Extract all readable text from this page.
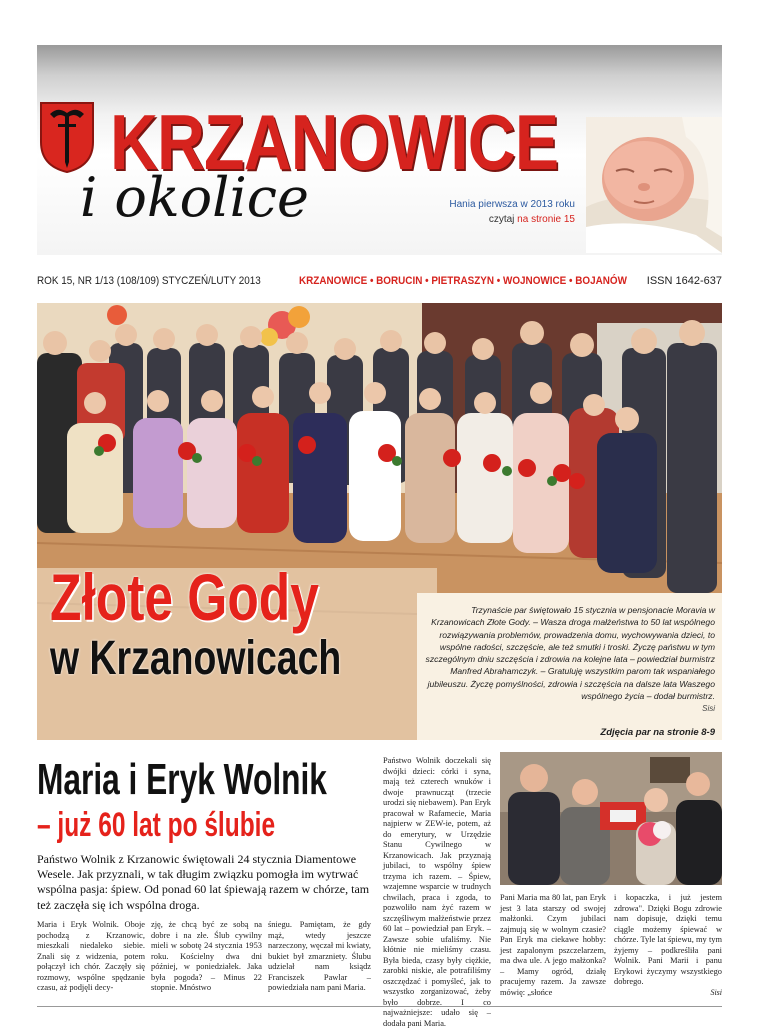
KRZANOWICE
i okolice	Hania pierwsza w 2013 roku
czytaj na stronie 15
ROK 15, NR 1/13 (108/109) STYCZEŃ/LUTY 2013	KRZANOWICE • BORUCIN • PIETRASZYN • WOJNOWICE • BOJANÓW ISSN 1642-637
Złote Gody
w Krzanowicach
Trzynaście par świętowało 15 stycznia w pensjonacie Moravia w Krzanowicach Złote Gody. – Wasza droga małżeństwa to 50 lat wspólnego rozwiązywania problemów, prowadzenia domu, wychowywania dzieci, to wspólne radości, szczęście, ale też smutki i troski. Życzę państwu w tym szczególnym dniu szczęścia i zdrowia na kolejne lata – powiedział burmistrz Manfred Abrahamczyk. – Gratuluję wszystkim parom tak wspaniałego jubileuszu. Życzę pomyślności, zdrowia i szczęścia na dalsze lata Waszego wspólnego życia – dodał burmistrz.
Sisi
Zdjęcia par na stronie 8-9
Maria i Eryk Wolnik
– już 60 lat po ślubie
Państwo Wolnik z Krzanowic świętowali 24 stycznia Diamentowe Wesele. Jak przyznali, w tak długim związku pomogła im wytrwać wspólna pasja: śpiew. Od ponad 60 lat śpiewają razem w chórze, tam też zaczęła się ich wspólna droga.
Maria i Eryk Wolnik. Oboje pochodzą z Krzanowic, mieszkali niedaleko siebie. Znali się z widzenia, potem połączył ich chór. Zaczęły się rozmowy, wspólne spędzanie czasu, aż podjęli decy-
zję, że chcą być ze sobą na dobre i na złe. Ślub cywilny mieli w sobotę 24 stycznia 1953 roku. Kościelny dwa dni później, w poniedziałek. Jaka była pogoda? – Minus 22 stopnie. Mnóstwo
śniegu. Pamiętam, że gdy mąż, wtedy jeszcze narzeczony, węczał mi kwiaty, bukiet był zmarzniety. Ślubu udzielał nam ksiądz Franciszek Pawlar – powiedziała nam pani Maria.
Państwo Wolnik doczekali się dwójki dzieci: córki i syna, mają też czterech wnuków i dwoje prawnucząt (trzecie urodzi się niebawem). Pan Eryk pracował w Rafamecie, Maria najpierw w ZEW-ie, potem, aż do emerytury, w Urzędzie Stanu Cywilnego w Krzanowicach. Jak przyznają jubilaci, to wspólny śpiew trzyma ich razem. – Śpiew, wzajemne wsparcie w trudnych chwilach, praca i zgoda, to pozwoliło nam żyć razem w szczęśliwym małżeństwie przez 60 lat – powiedział pan Eryk. – Zawsze sobie ufaliśmy. Nie kłótnie nie mieliśmy czasu. Była bieda, czasy były ciężkie, zarobki niskie, ale potrafiliśmy oszczędzać i pomyśleć, jak to wszystko zorganizować, żeby było dobrze. I co najważniejsze: udało się – dodała pani Maria.
Pani Maria ma 80 lat, pan Eryk jest 3 lata starszy od swojej małżonki. Czym jubilaci zajmują się w wolnym czasie? Pan Eryk ma ciekawe hobby: jest zapalonym pszczelarzem, ma dwa ule. A jego małżonka? – Mamy ogród, działę pracujemy razem. Ja zawsze mówię: „słońce

i kopaczka, i już jestem zdrowa". Dzięki Bogu zdrowie nam dopisuje, dzięki temu ciągle możemy śpiewać w chórze. Tyle lat śpiewu, my tym żyjemy – podkreśliła pani Wolnik. Pani Marii i panu Erykowi życzymy wszystkiego dobrego.

Sisi
